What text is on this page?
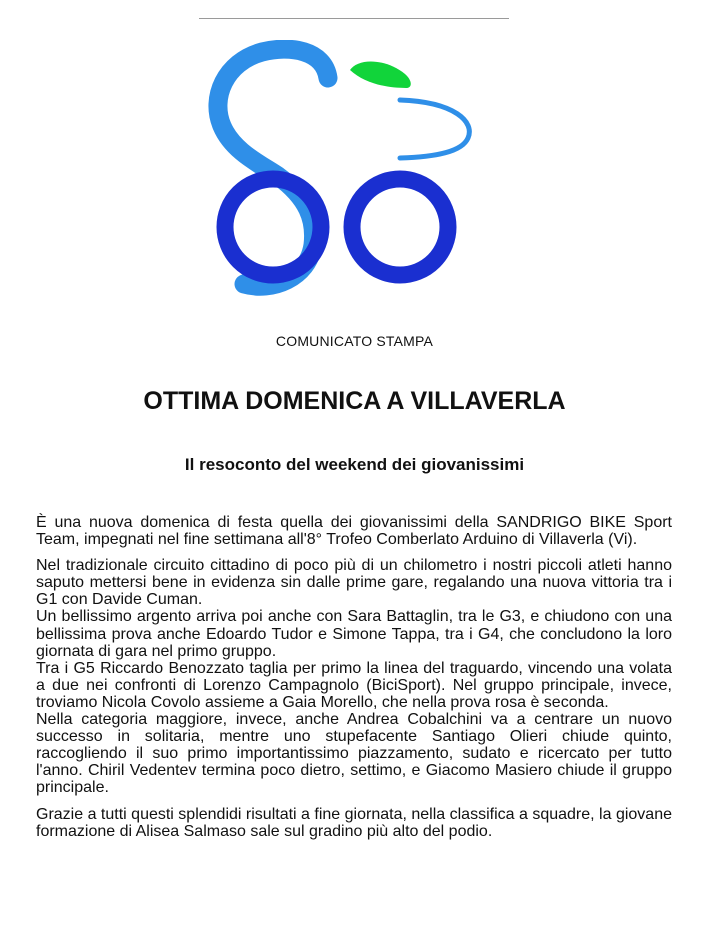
COMUNICATO STAMPA
OTTIMA DOMENICA A VILLAVERLA
Il resoconto del weekend dei giovanissimi

È una nuova domenica di festa quella dei giovanissimi della SANDRIGO BIKE Sport Team, impegnati nel fine settimana all'8° Trofeo Comberlato Arduino di Villaverla (Vi).

Nel tradizionale circuito cittadino di poco più di un chilometro i nostri piccoli atleti hanno saputo mettersi bene in evidenza sin dalle prime gare, regalando una nuova vittoria tra i G1 con Davide Cuman.

Un bellissimo argento arriva poi anche con Sara Battaglin, tra le G3, e chiudono con una bellissima prova anche Edoardo Tudor e Simone Tappa, tra i G4, che concludono la loro giornata di gara nel primo gruppo.

Tra i G5 Riccardo Benozzato taglia per primo la linea del traguardo, vincendo una volata a due nei confronti di Lorenzo Campagnolo (BiciSport). Nel gruppo principale, invece, troviamo Nicola Covolo assieme a Gaia Morello, che nella prova rosa è seconda.

Nella categoria maggiore, invece, anche Andrea Cobalchini va a centrare un nuovo successo in solitaria, mentre uno stupefacente Santiago Olieri chiude quinto, raccogliendo il suo primo importantissimo piazzamento, sudato e ricercato per tutto l'anno. Chiril Vedentev termina poco dietro, settimo, e Giacomo Masiero chiude il gruppo principale.

Grazie a tutti questi splendidi risultati a fine giornata, nella classifica a squadre, la giovane formazione di Alisea Salmaso sale sul gradino più alto del podio.
